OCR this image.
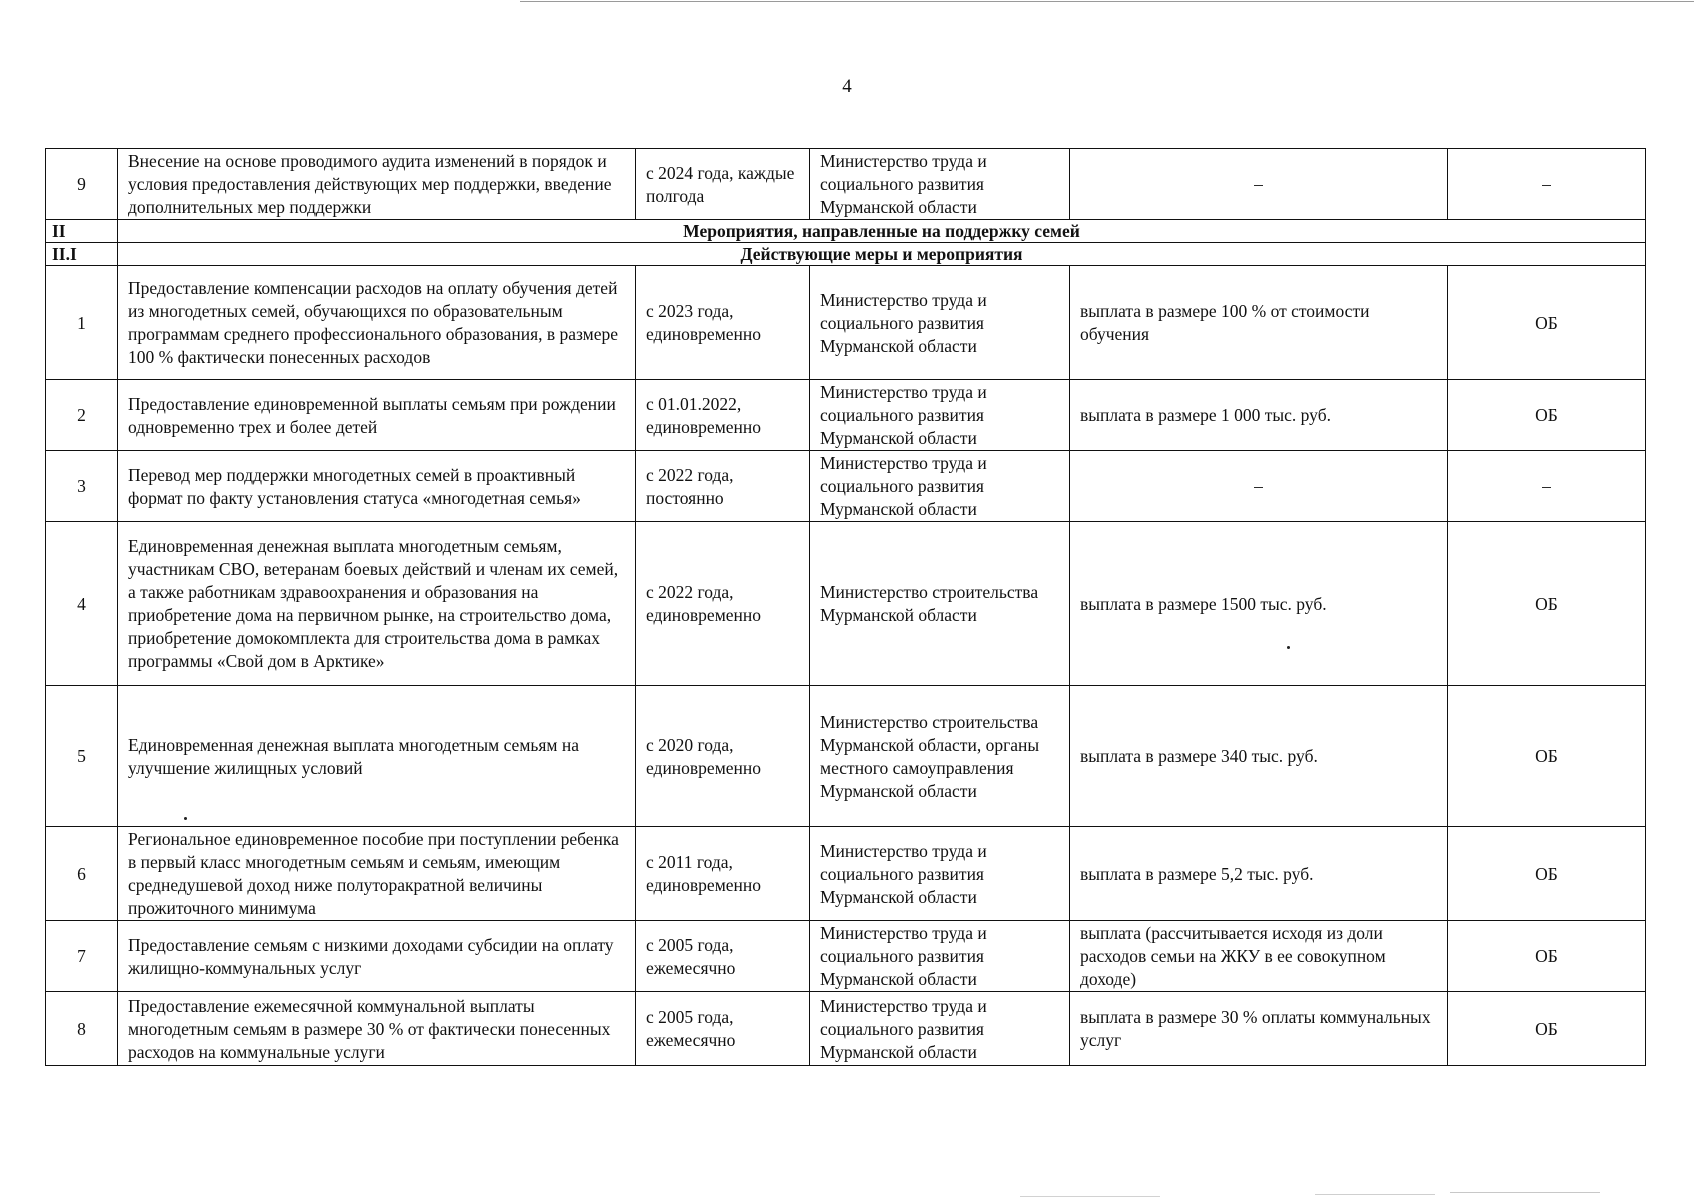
4
9	Внесение на основе проводимого аудита изменений в порядок и условия предоставления действующих мер поддержки, введение дополнительных мер поддержки	с 2024 года, каждые полгода	Министерство труда и социального развития Мурманской области	–	–
II	Мероприятия, направленные на поддержку семей				
II.I	Действующие меры и мероприятия				
1	Предоставление компенсации расходов на оплату обучения детей из многодетных семей, обучающихся по образовательным программам среднего профессионального образования, в размере 100 % фактически понесенных расходов	с 2023 года, единовременно	Министерство труда и социального развития Мурманской области	выплата в размере 100 % от стоимости обучения	ОБ
2	Предоставление единовременной выплаты семьям при рождении одновременно трех и более детей	с 01.01.2022, единовременно	Министерство труда и социального развития Мурманской области	выплата в размере 1 000 тыс. руб.	ОБ
3	Перевод мер поддержки многодетных семей в проактивный формат по факту установления статуса «многодетная семья»	с 2022 года, постоянно	Министерство труда и социального развития Мурманской области	–	–
4	Единовременная денежная выплата многодетным семьям, участникам СВО, ветеранам боевых действий и членам их семей, а также работникам здравоохранения и образования на приобретение дома на первичном рынке, на строительство дома, приобретение домокомплекта для строительства дома в рамках программы «Свой дом в Арктике»	с 2022 года, единовременно	Министерство строительства Мурманской области	выплата в размере 1500 тыс. руб.	ОБ
5	Единовременная денежная выплата многодетным семьям на улучшение жилищных условий	с 2020 года, единовременно	Министерство строительства Мурманской области, органы местного самоуправления Мурманской области	выплата в размере 340 тыс. руб.	ОБ
6	Региональное единовременное пособие при поступлении ребенка в первый класс многодетным семьям и семьям, имеющим среднедушевой доход ниже полуторакратной величины прожиточного минимума	с 2011 года, единовременно	Министерство труда и социального развития Мурманской области	выплата в размере 5,2 тыс. руб.	ОБ
7	Предоставление семьям с низкими доходами субсидии на оплату жилищно-коммунальных услуг	с 2005 года, ежемесячно	Министерство труда и социального развития Мурманской области	выплата (рассчитывается исходя из доли расходов семьи на ЖКУ в ее совокупном доходе)	ОБ
8	Предоставление ежемесячной коммунальной выплаты многодетным семьям в размере 30 % от фактически понесенных расходов на коммунальные услуги	с 2005 года, ежемесячно	Министерство труда и социального развития Мурманской области	выплата в размере 30 % оплаты коммунальных услуг	ОБ
